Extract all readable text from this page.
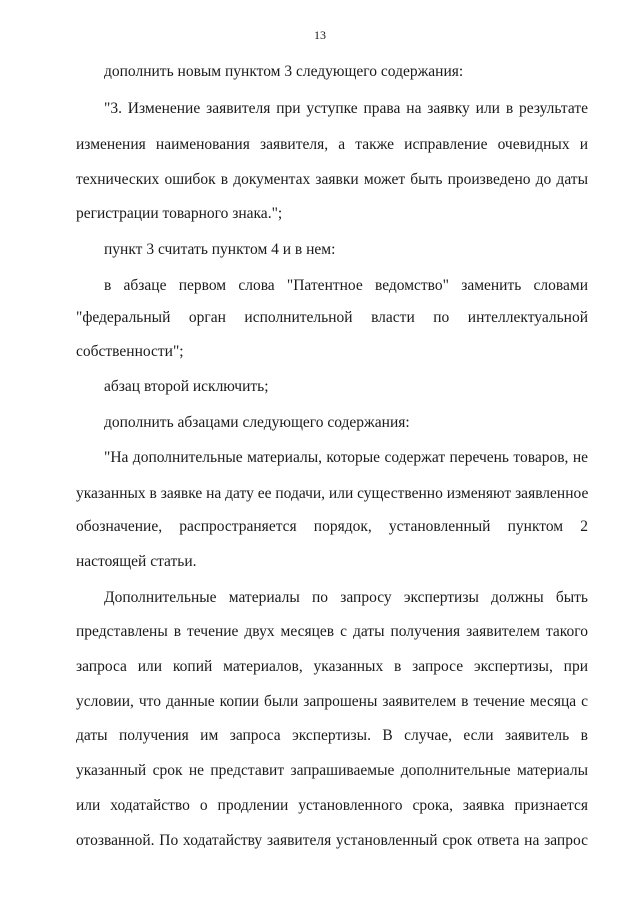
13
дополнить новым пунктом 3 следующего содержания:
"3. Изменение заявителя при уступке права на заявку или в результате
изменения наименования заявителя, а также исправление очевидных и
технических ошибок в документах заявки может быть произведено до даты
регистрации товарного знака.";
пункт 3 считать пунктом 4 и в нем:
в абзаце первом слова "Патентное ведомство" заменить словами
"федеральный орган исполнительной власти по интеллектуальной
собственности";
абзац второй исключить;
дополнить абзацами следующего содержания:
"На дополнительные материалы, которые содержат перечень товаров, не
указанных в заявке на дату ее подачи, или существенно изменяют заявленное
обозначение, распространяется порядок, установленный пунктом 2
настоящей статьи.
Дополнительные материалы по запросу экспертизы должны быть
представлены в течение двух месяцев с даты получения заявителем такого
запроса или копий материалов, указанных в запросе экспертизы, при
условии, что данные копии были запрошены заявителем в течение месяца с
даты получения им запроса экспертизы. В случае, если заявитель в
указанный срок не представит запрашиваемые дополнительные материалы
или ходатайство о продлении установленного срока, заявка признается
отозванной. По ходатайству заявителя установленный срок ответа на запрос
